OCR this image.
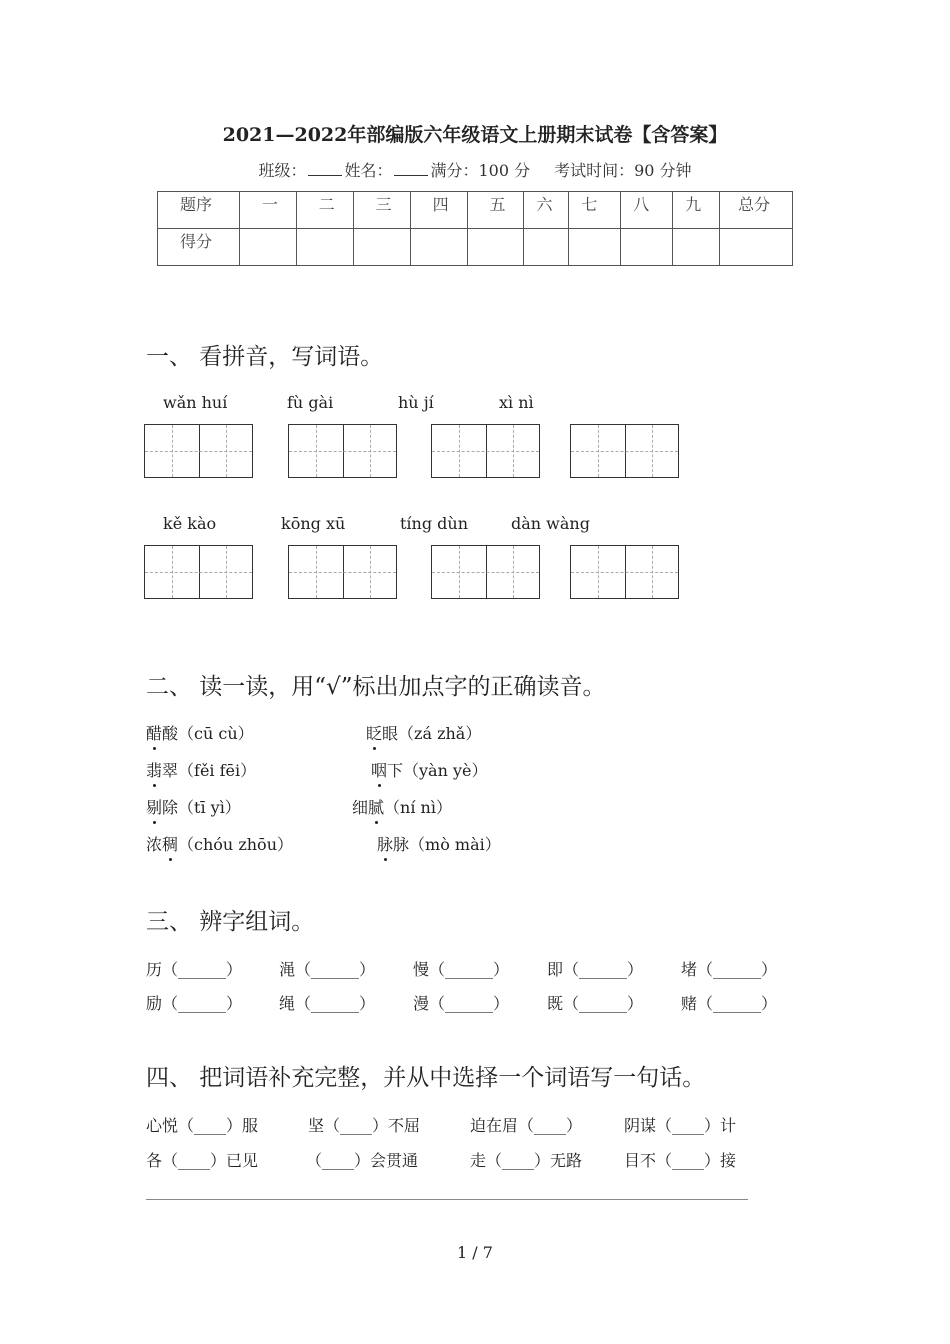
2021—2022年部编版六年级语文上册期末试卷【含答案】
班级： 姓名： 满分：100 分 考试时间：90 分钟
题序	一	二	三	四	五	六	七	八	九	总分
得分										
一、 看拼音，写词语。
wǎn huí	fù gài	hù jí	xì nì
kě kào	kōng xū	tíng dùn	dàn wàng
二、 读一读，用“√”标出加点字的正确读音。
醋酸（cū cù）	眨眼（zá zhǎ）
翡翠（fěi fēi）	咽下（yàn yè）
剔除（tī yì）	细腻（ní nì）
浓稠（chóu zhōu）	脉脉（mò mài）
三、 辨字组词。
历（______） 渑（______） 慢（______） 即（______） 堵（______）
励（______） 绳（______） 漫（______） 既（______） 赌（______）
四、 把词语补充完整，并从中选择一个词语写一句话。
心悦（____）服	坚（____）不屈	迫在眉（____）	阴谋（____）计
各（____）已见	（____）会贯通	走（____）无路	目不（____）接
1 / 7
